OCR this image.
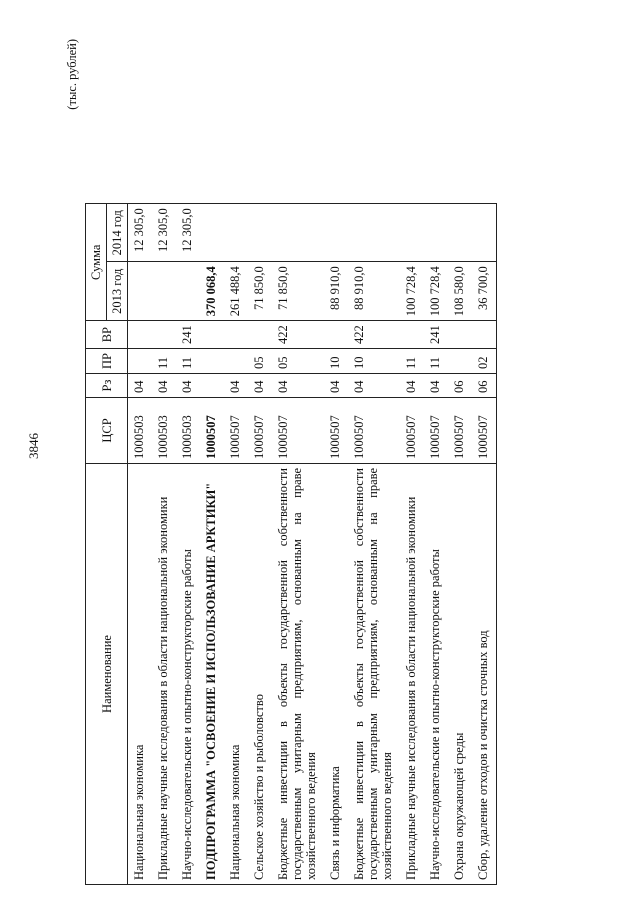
3846
(тыс. рублей)
Наименование	ЦСР	Рз	ПР	ВР	Сумма	
					2013 год	2014 год
Национальная экономика	1000503	04				12 305,0
Прикладные научные исследования в области национальной экономики	1000503	04	11			12 305,0
Научно-исследовательские и опытно-конструкторские работы	1000503	04	11	241		12 305,0
ПОДПРОГРАММА "ОСВОЕНИЕ И ИСПОЛЬЗОВАНИЕ АРКТИКИ"	1000507				370 068,4	
Национальная экономика	1000507	04			261 488,4	
Сельское хозяйство и рыболовство	1000507	04	05		71 850,0	
Бюджетные инвестиции в объекты государственной собственности государственным унитарным предприятиям, основанным на праве хозяйственного ведения	1000507	04	05	422	71 850,0	
Связь и информатика	1000507	04	10		88 910,0	
Бюджетные инвестиции в объекты государственной собственности государственным унитарным предприятиям, основанным на праве хозяйственного ведения	1000507	04	10	422	88 910,0	
Прикладные научные исследования в области национальной экономики	1000507	04	11		100 728,4	
Научно-исследовательские и опытно-конструкторские работы	1000507	04	11	241	100 728,4	
Охрана окружающей среды	1000507	06			108 580,0	
Сбор, удаление отходов и очистка сточных вод	1000507	06	02		36 700,0	
